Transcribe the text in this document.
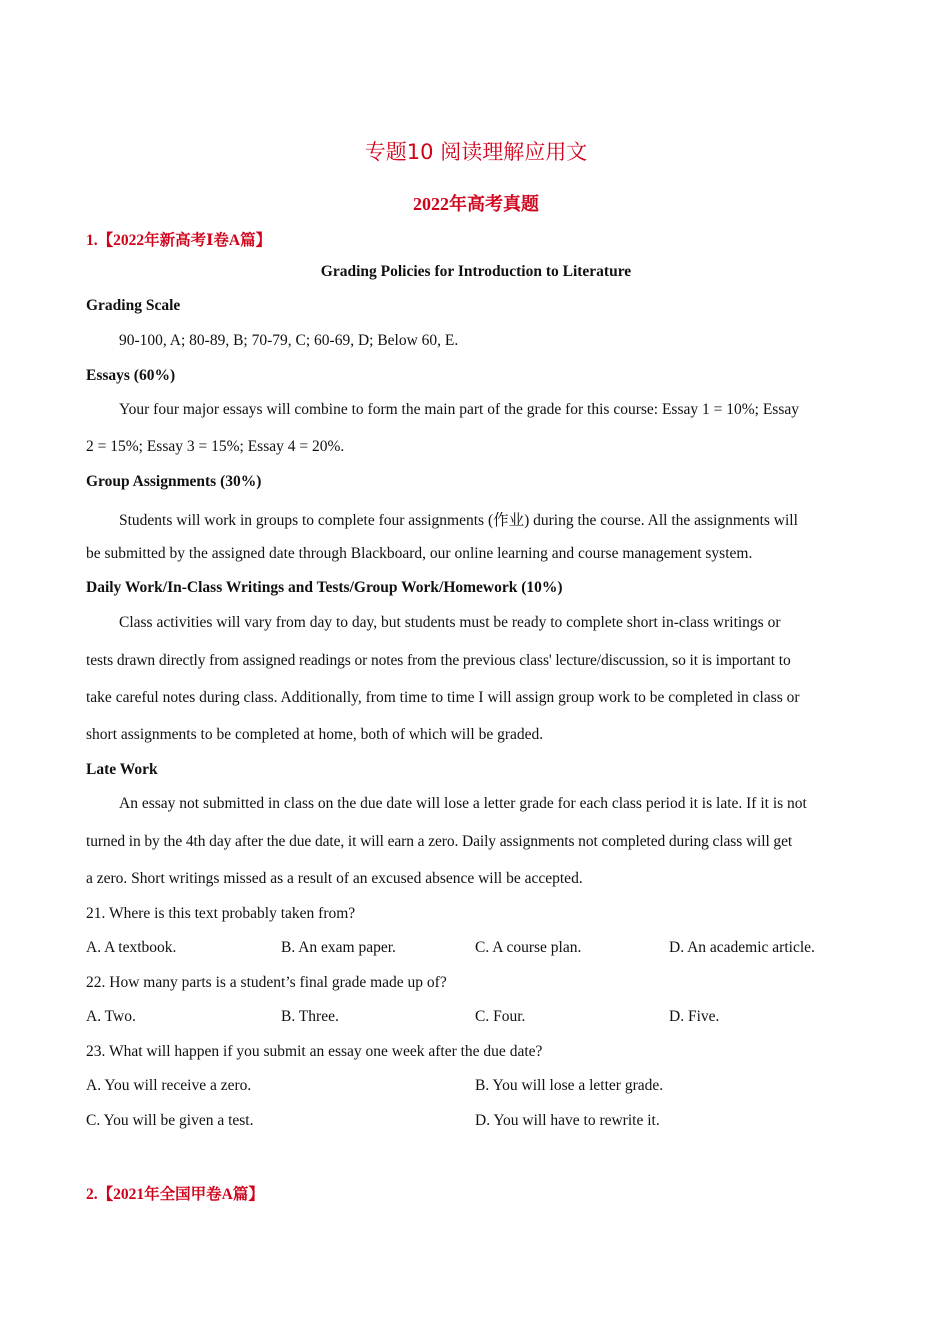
专题10 阅读理解应用文
2022年高考真题
1.【2022年新高考Ⅰ卷A篇】
Grading Policies for Introduction to Literature
Grading Scale
90-100, A; 80-89, B; 70-79, C; 60-69, D; Below 60, E.
Essays (60%)
Your four major essays will combine to form the main part of the grade for this course: Essay 1 = 10%; Essay
2 = 15%; Essay 3 = 15%; Essay 4 = 20%.
Group Assignments (30%)
Students will work in groups to complete four assignments (作业) during the course. All the assignments will
be submitted by the assigned date through Blackboard, our online learning and course management system.
Daily Work/In-Class Writings and Tests/Group Work/Homework (10%)
Class activities will vary from day to day, but students must be ready to complete short in-class writings or
tests drawn directly from assigned readings or notes from the previous class' lecture/discussion, so it is important to
take careful notes during class. Additionally, from time to time I will assign group work to be completed in class or
short assignments to be completed at home, both of which will be graded.
Late Work
An essay not submitted in class on the due date will lose a letter grade for each class period it is late. If it is not
turned in by the 4th day after the due date, it will earn a zero. Daily assignments not completed during class will get
a zero. Short writings missed as a result of an excused absence will be accepted.
21. Where is this text probably taken from?
A. A textbook.	B. An exam paper.	C. A course plan.	D. An academic article.
22. How many parts is a student’s final grade made up of?
A. Two.	B. Three.	C. Four.	D. Five.
23. What will happen if you submit an essay one week after the due date?
A. You will receive a zero.	B. You will lose a letter grade.
C. You will be given a test.	D. You will have to rewrite it.
2.【2021年全国甲卷A篇】
